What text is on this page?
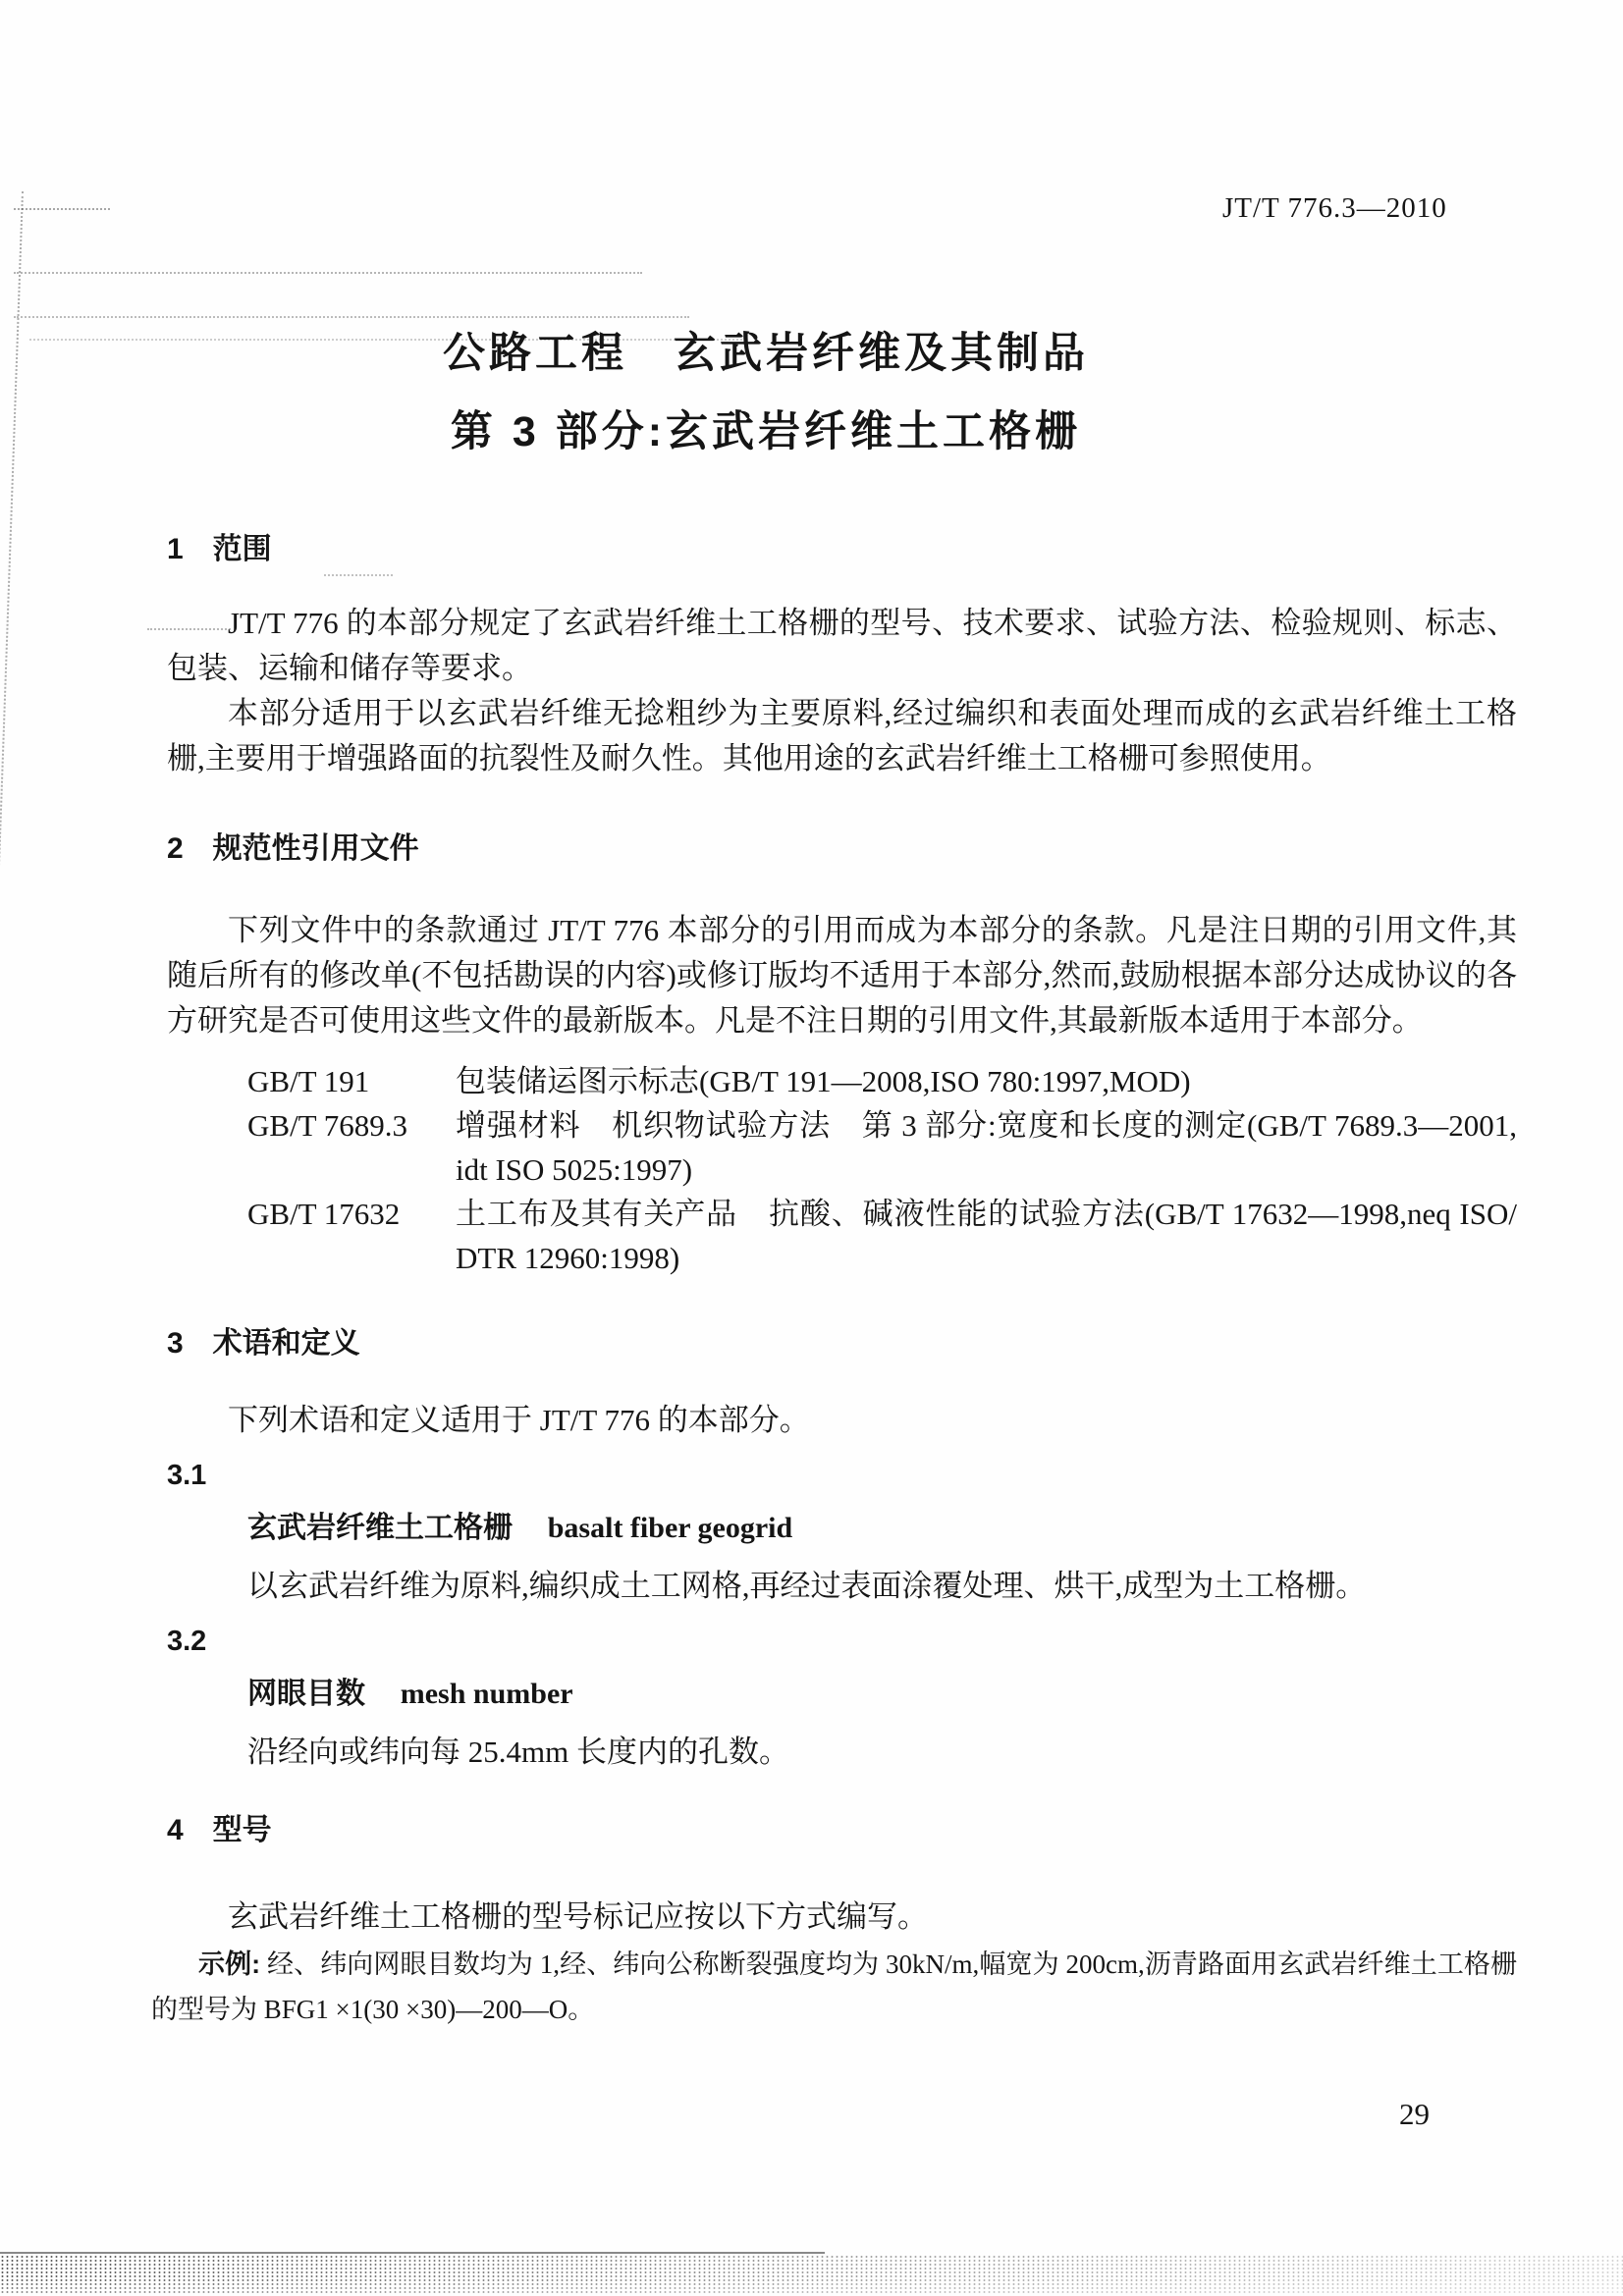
JT/T 776.3—2010
公路工程　玄武岩纤维及其制品
第 3 部分:玄武岩纤维土工格栅
1　范围

JT/T 776 的本部分规定了玄武岩纤维土工格栅的型号、技术要求、试验方法、检验规则、标志、包装、运输和储存等要求。

本部分适用于以玄武岩纤维无捻粗纱为主要原料,经过编织和表面处理而成的玄武岩纤维土工格栅,主要用于增强路面的抗裂性及耐久性。其他用途的玄武岩纤维土工格栅可参照使用。

2　规范性引用文件

下列文件中的条款通过 JT/T 776 本部分的引用而成为本部分的条款。凡是注日期的引用文件,其随后所有的修改单(不包括勘误的内容)或修订版均不适用于本部分,然而,鼓励根据本部分达成协议的各方研究是否可使用这些文件的最新版本。凡是不注日期的引用文件,其最新版本适用于本部分。

GB/T 191	包装储运图示标志(GB/T 191—2008,ISO 780:1997,MOD)
GB/T 7689.3	增强材料　机织物试验方法　第 3 部分:宽度和长度的测定(GB/T 7689.3—2001, idt ISO 5025:1997)
GB/T 17632	土工布及其有关产品　抗酸、碱液性能的试验方法(GB/T 17632—1998,neq ISO/ DTR 12960:1998)
3　术语和定义

下列术语和定义适用于 JT/T 776 的本部分。

3.1
玄武岩纤维土工格栅 basalt fiber geogrid

以玄武岩纤维为原料,编织成土工网格,再经过表面涂覆处理、烘干,成型为土工格栅。

3.2
网眼目数 mesh number

沿经向或纬向每 25.4mm 长度内的孔数。

4　型号

玄武岩纤维土工格栅的型号标记应按以下方式编写。

示例: 经、纬向网眼目数均为 1,经、纬向公称断裂强度均为 30kN/m,幅宽为 200cm,沥青路面用玄武岩纤维土工格栅的型号为 BFG1 ×1(30 ×30)—200—O。

29
